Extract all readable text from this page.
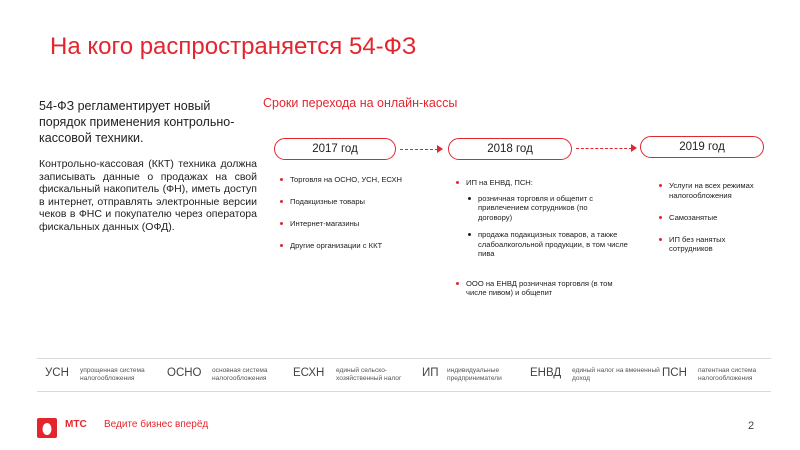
На кого распространяется 54-ФЗ
54-ФЗ регламентирует новый порядок применения контрольно-кассовой техники.
Контрольно-кассовая (ККТ) техника должна записывать данные о продажах на свой фискальный накопитель (ФН), иметь доступ в интернет, отправлять электронные версии чеков в ФНС и покупателю через оператора фискальных данных (ОФД).
Сроки перехода на онлайн-кассы
2017 год	2018 год	2019 год
Торговля на ОСНО, УСН, ЕСХН
Подакцизные товары
Интернет-магазины
Другие организации с ККТ
ИП на ЕНВД, ПСН:
розничная торговля и общепит с привлечением сотрудников (по договору)
продажа подакцизных товаров, а также слабоалкогольной продукции, в том числе пива
ООО на ЕНВД розничная торговля (в том числе пивом) и общепит
Услуги на всех режимах налогообложения
Самозанятые
ИП без нанятых сотрудников
УСН упрощенная система налогообложения	ОСНО основная система налогообложения	ЕСХН единый сельско-хозяйственный налог	ИП индивидуальные предприниматели	ЕНВД единый налог на вмененный доход	ПСН патентная система налогообложения
МТС Ведите бизнес вперёд	2
